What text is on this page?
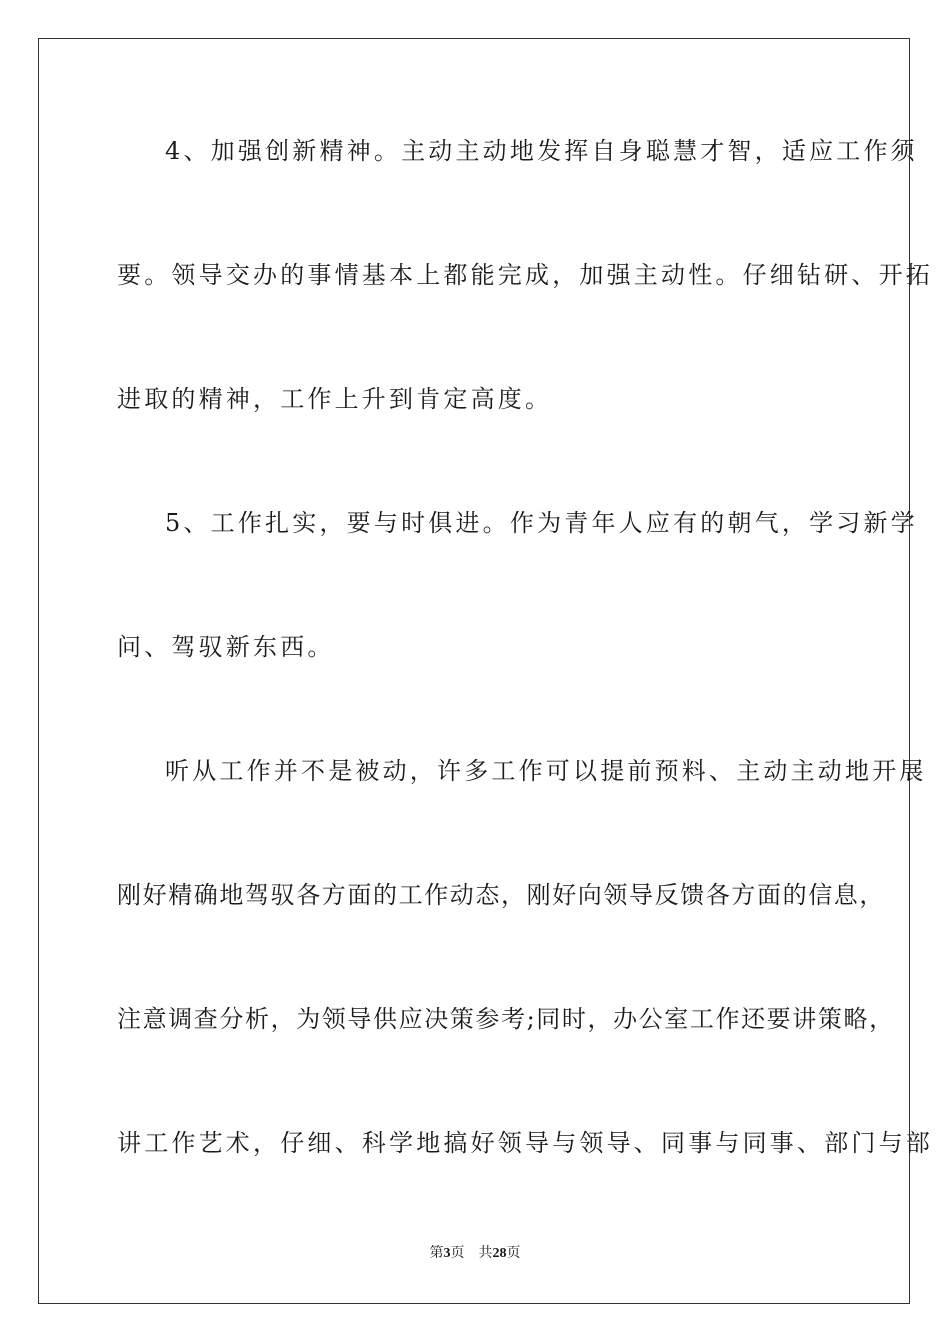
4、加强创新精神。主动主动地发挥自身聪慧才智，适应工作须
要。领导交办的事情基本上都能完成，加强主动性。仔细钻研、开拓
进取的精神，工作上升到肯定高度。
5、工作扎实，要与时俱进。作为青年人应有的朝气，学习新学
问、驾驭新东西。
听从工作并不是被动，许多工作可以提前预料、主动主动地开展
刚好精确地驾驭各方面的工作动态，刚好向领导反馈各方面的信息，
注意调查分析，为领导供应决策参考;同时，办公室工作还要讲策略，
讲工作艺术，仔细、科学地搞好领导与领导、同事与同事、部门与部
第3页 共28页
